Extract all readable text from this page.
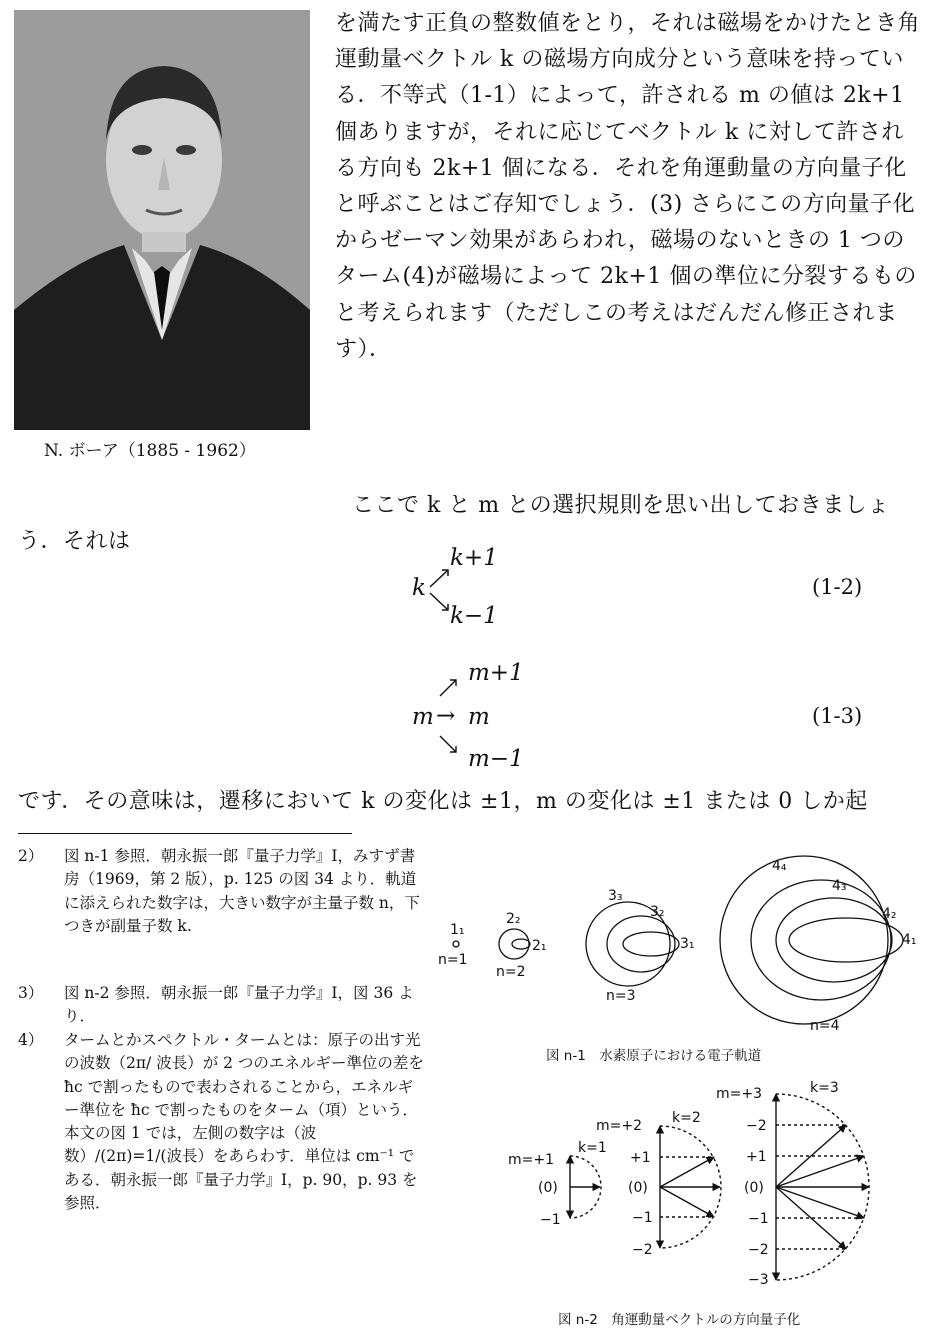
N. ボーア（1885 - 1962）
を満たす正負の整数値をとり，それは磁場をかけたとき角運動量ベクトル k の磁場方向成分という意味を持っている．不等式（1-1）によって，許される m の値は 2k+1 個ありますが，それに応じてベクトル k に対して許される方向も 2k+1 個になる．それを角運動量の方向量子化と呼ぶことはご存知でしょう．(3) さらにこの方向量子化からゼーマン効果があらわれ，磁場のないときの 1 つのターム(4)が磁場によって 2k+1 個の準位に分裂するものと考えられます（ただしこの考えはだんだん修正されます）．
ここで k と m との選択規則を思い出しておきましょう．それは
k
k+1
k−1
(1-2)
m →
m+1
m
m−1
(1-3)
です．その意味は，遷移において k の変化は ±1，m の変化は ±1 または 0 しか起
2）	図 n-1 参照．朝永振一郎『量子力学』I，みすず書房（1969，第 2 版），p. 125 の図 34 より．軌道に添えられた数字は，大きい数字が主量子数 n，下つきが副量子数 k.
3）	図 n-2 参照．朝永振一郎『量子力学』I，図 36 より．
4）	タームとかスペクトル・タームとは：原子の出す光の波数（2π/ 波長）が 2 つのエネルギー準位の差を ħc で割ったもので表わされることから，エネルギー準位を ħc で割ったものをターム（項）という．本文の図 1 では，左側の数字は（波数）/(2π)=1/(波長）をあらわす．単位は cm⁻¹ である．朝永振一郎『量子力学』I，p. 90，p. 93 を参照．
1₁
n=1
2₂
2₁
n=2
3₃
3₂
3₁
n=3
4₄
4₃
4₂
4₁
n=4
図 n-1　水素原子における電子軌道
m=+1
k=1
(0)
−1
m=+2 k=2
+1
(0)
−1
−2
m=+3	k=3
−2
+1
(0)
−1
−2
−3
図 n-2　角運動量ベクトルの方向量子化
